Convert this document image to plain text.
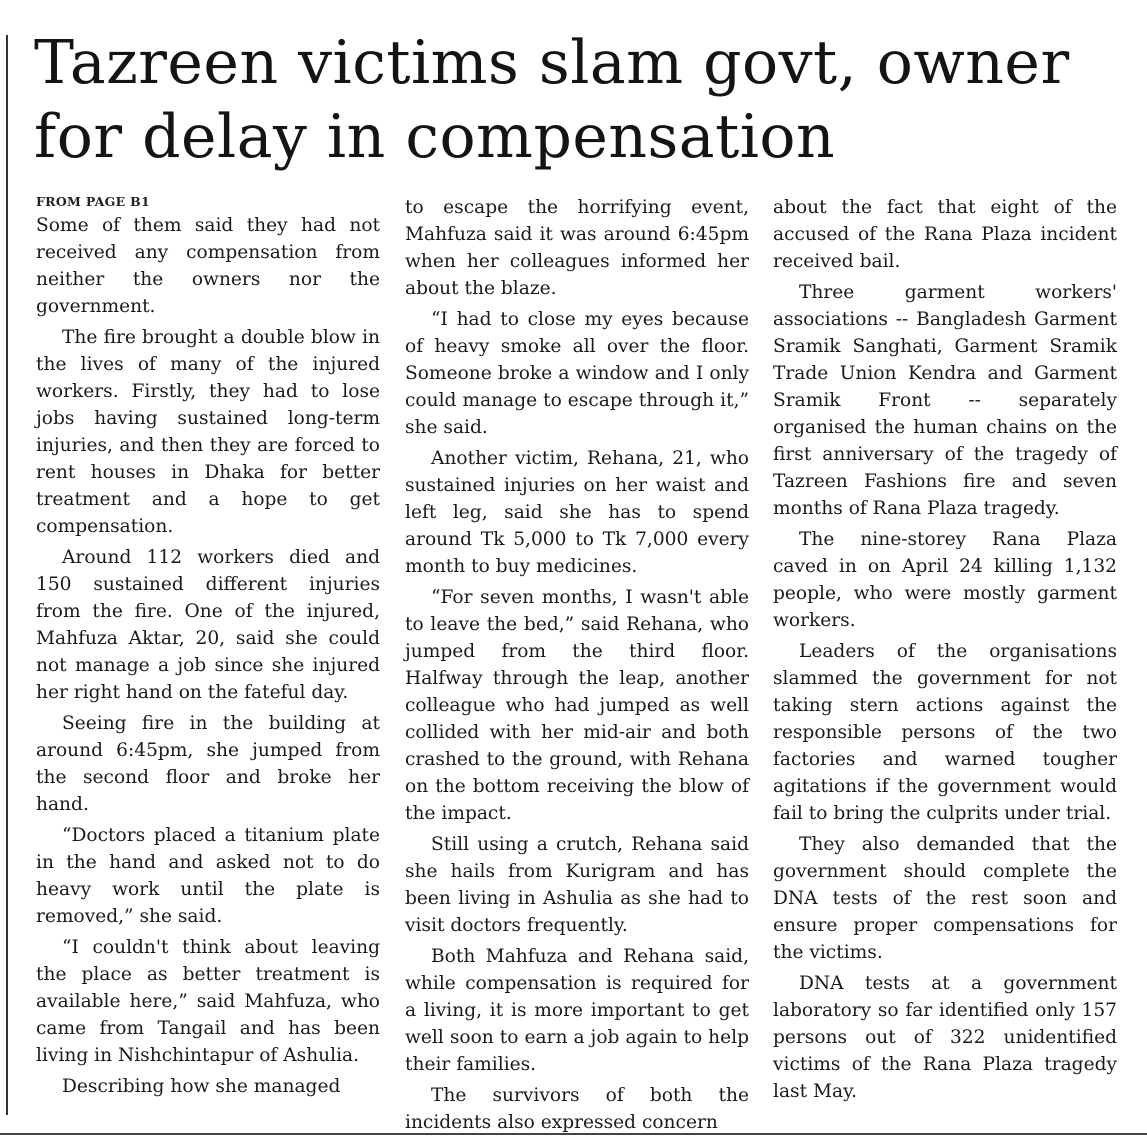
Tazreen victims slam govt, owner for delay in compensation
FROM PAGE B1

Some of them said they had not received any compensation from neither the owners nor the government.

The fire brought a double blow in the lives of many of the injured workers. Firstly, they had to lose jobs having sustained long-term injuries, and then they are forced to rent houses in Dhaka for better treatment and a hope to get compensation.

Around 112 workers died and 150 sustained different injuries from the fire. One of the injured, Mahfuza Aktar, 20, said she could not manage a job since she injured her right hand on the fateful day.

Seeing fire in the building at around 6:45pm, she jumped from the second floor and broke her hand.

“Doctors placed a titanium plate in the hand and asked not to do heavy work until the plate is removed,” she said.

“I couldn't think about leaving the place as better treatment is available here,” said Mahfuza, who came from Tangail and has been living in Nishchintapur of Ashulia.

Describing how she managed

to escape the horrifying event, Mahfuza said it was around 6:45pm when her colleagues informed her about the blaze.

“I had to close my eyes because of heavy smoke all over the floor. Someone broke a window and I only could manage to escape through it,” she said.

Another victim, Rehana, 21, who sustained injuries on her waist and left leg, said she has to spend around Tk 5,000 to Tk 7,000 every month to buy medicines.

“For seven months, I wasn't able to leave the bed,” said Rehana, who jumped from the third floor. Halfway through the leap, another colleague who had jumped as well collided with her mid-air and both crashed to the ground, with Rehana on the bottom receiving the blow of the impact.

Still using a crutch, Rehana said she hails from Kurigram and has been living in Ashulia as she had to visit doctors frequently.

Both Mahfuza and Rehana said, while compensation is required for a living, it is more important to get well soon to earn a job again to help their families.

The survivors of both the incidents also expressed concern

about the fact that eight of the accused of the Rana Plaza incident received bail.

Three garment workers' associations -- Bangladesh Garment Sramik Sanghati, Garment Sramik Trade Union Kendra and Garment Sramik Front -- separately organised the human chains on the first anniversary of the tragedy of Tazreen Fashions fire and seven months of Rana Plaza tragedy.

The nine-storey Rana Plaza caved in on April 24 killing 1,132 people, who were mostly garment workers.

Leaders of the organisations slammed the government for not taking stern actions against the responsible persons of the two factories and warned tougher agitations if the government would fail to bring the culprits under trial.

They also demanded that the government should complete the DNA tests of the rest soon and ensure proper compensations for the victims.

DNA tests at a government laboratory so far identified only 157 persons out of 322 unidentified victims of the Rana Plaza tragedy last May.
